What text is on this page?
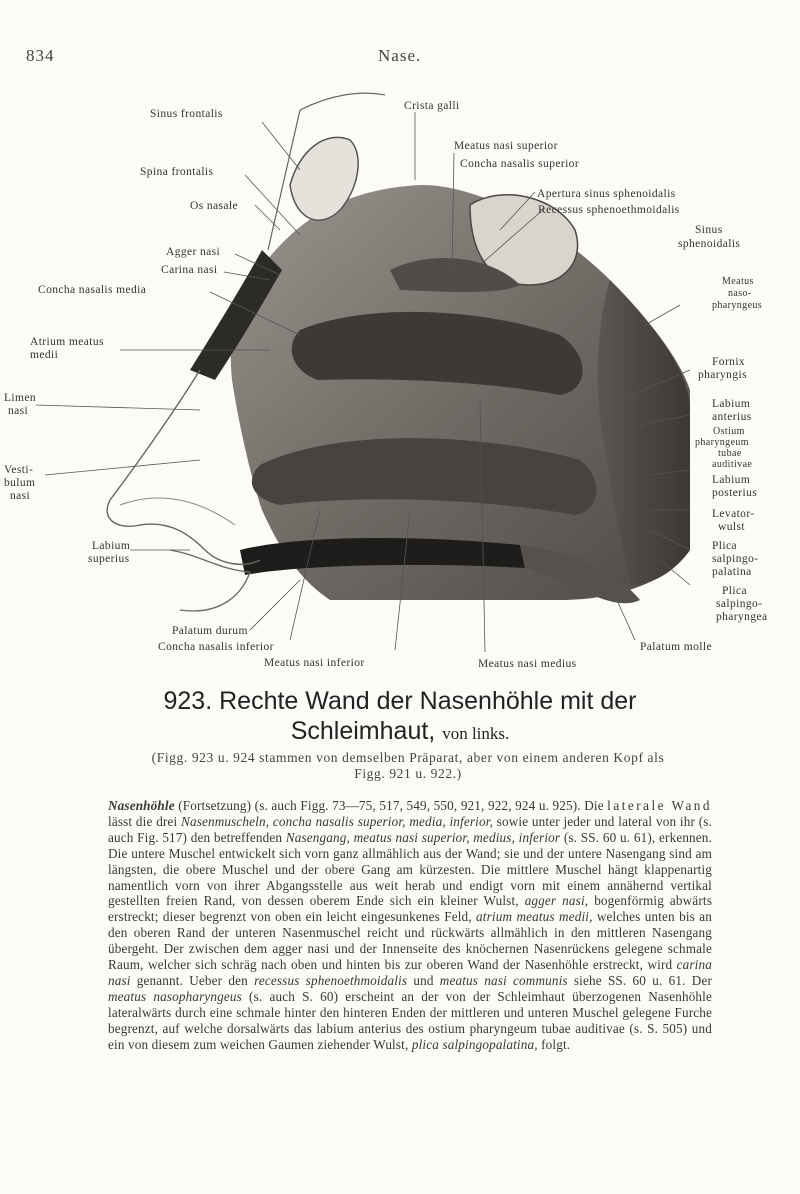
834	Nase.
Sinus frontalis
Crista galli
Meatus nasi superior
Concha nasalis superior
Spina frontalis
Os nasale
Apertura sinus sphenoidalis
Recessus sphenoethmoidalis
Agger nasi
Carina nasi
Sinus
sphenoidalis
Concha nasalis media
Meatus
naso-
pharyngeus
Atrium meatus
medii
Fornix
pharyngis
Limen
nasi
Labium
anterius
Ostium
pharyngeum
tubae
auditivae
Vesti-
bulum
nasi
Labium
posterius
Levator-
wulst
Labium
superius
Plica
salpingo-
palatina
Plica
salpingo-
pharyngea
Palatum durum
Concha nasalis inferior	Palatum molle
Meatus nasi inferior	Meatus nasi medius
923. Rechte Wand der Nasenhöhle mit der
Schleimhaut, von links.
(Figg. 923 u. 924 stammen von demselben Präparat, aber von einem anderen Kopf als
Figg. 921 u. 922.)
Nasenhöhle (Fortsetzung) (s. auch Figg. 73—75, 517, 549, 550, 921, 922, 924 u. 925). Die laterale Wand lässt die drei Nasenmuscheln, concha nasalis superior, media, inferior, sowie unter jeder und lateral von ihr (s. auch Fig. 517) den betreffenden Nasengang, meatus nasi superior, medius, inferior (s. SS. 60 u. 61), erkennen. Die untere Muschel entwickelt sich vorn ganz allmählich aus der Wand; sie und der untere Nasengang sind am längsten, die obere Muschel und der obere Gang am kürzesten. Die mittlere Muschel hängt klappenartig namentlich vorn von ihrer Abgangsstelle aus weit herab und endigt vorn mit einem annähernd vertikal gestellten freien Rand, von dessen oberem Ende sich ein kleiner Wulst, agger nasi, bogenförmig abwärts erstreckt; dieser begrenzt von oben ein leicht eingesunkenes Feld, atrium meatus medii, welches unten bis an den oberen Rand der unteren Nasenmuschel reicht und rückwärts allmählich in den mittleren Nasengang übergeht. Der zwischen dem agger nasi und der Innenseite des knöchernen Nasenrückens gelegene schmale Raum, welcher sich schräg nach oben und hinten bis zur oberen Wand der Nasenhöhle erstreckt, wird carina nasi genannt. Ueber den recessus sphenoethmoidalis und meatus nasi communis siehe SS. 60 u. 61. Der meatus nasopharyngeus (s. auch S. 60) erscheint an der von der Schleimhaut überzogenen Nasenhöhle lateralwärts durch eine schmale hinter den hinteren Enden der mittleren und unteren Muschel gelegene Furche begrenzt, auf welche dorsalwärts das labium anterius des ostium pharyngeum tubae auditivae (s. S. 505) und ein von diesem zum weichen Gaumen ziehender Wulst, plica salpingopalatina, folgt.
